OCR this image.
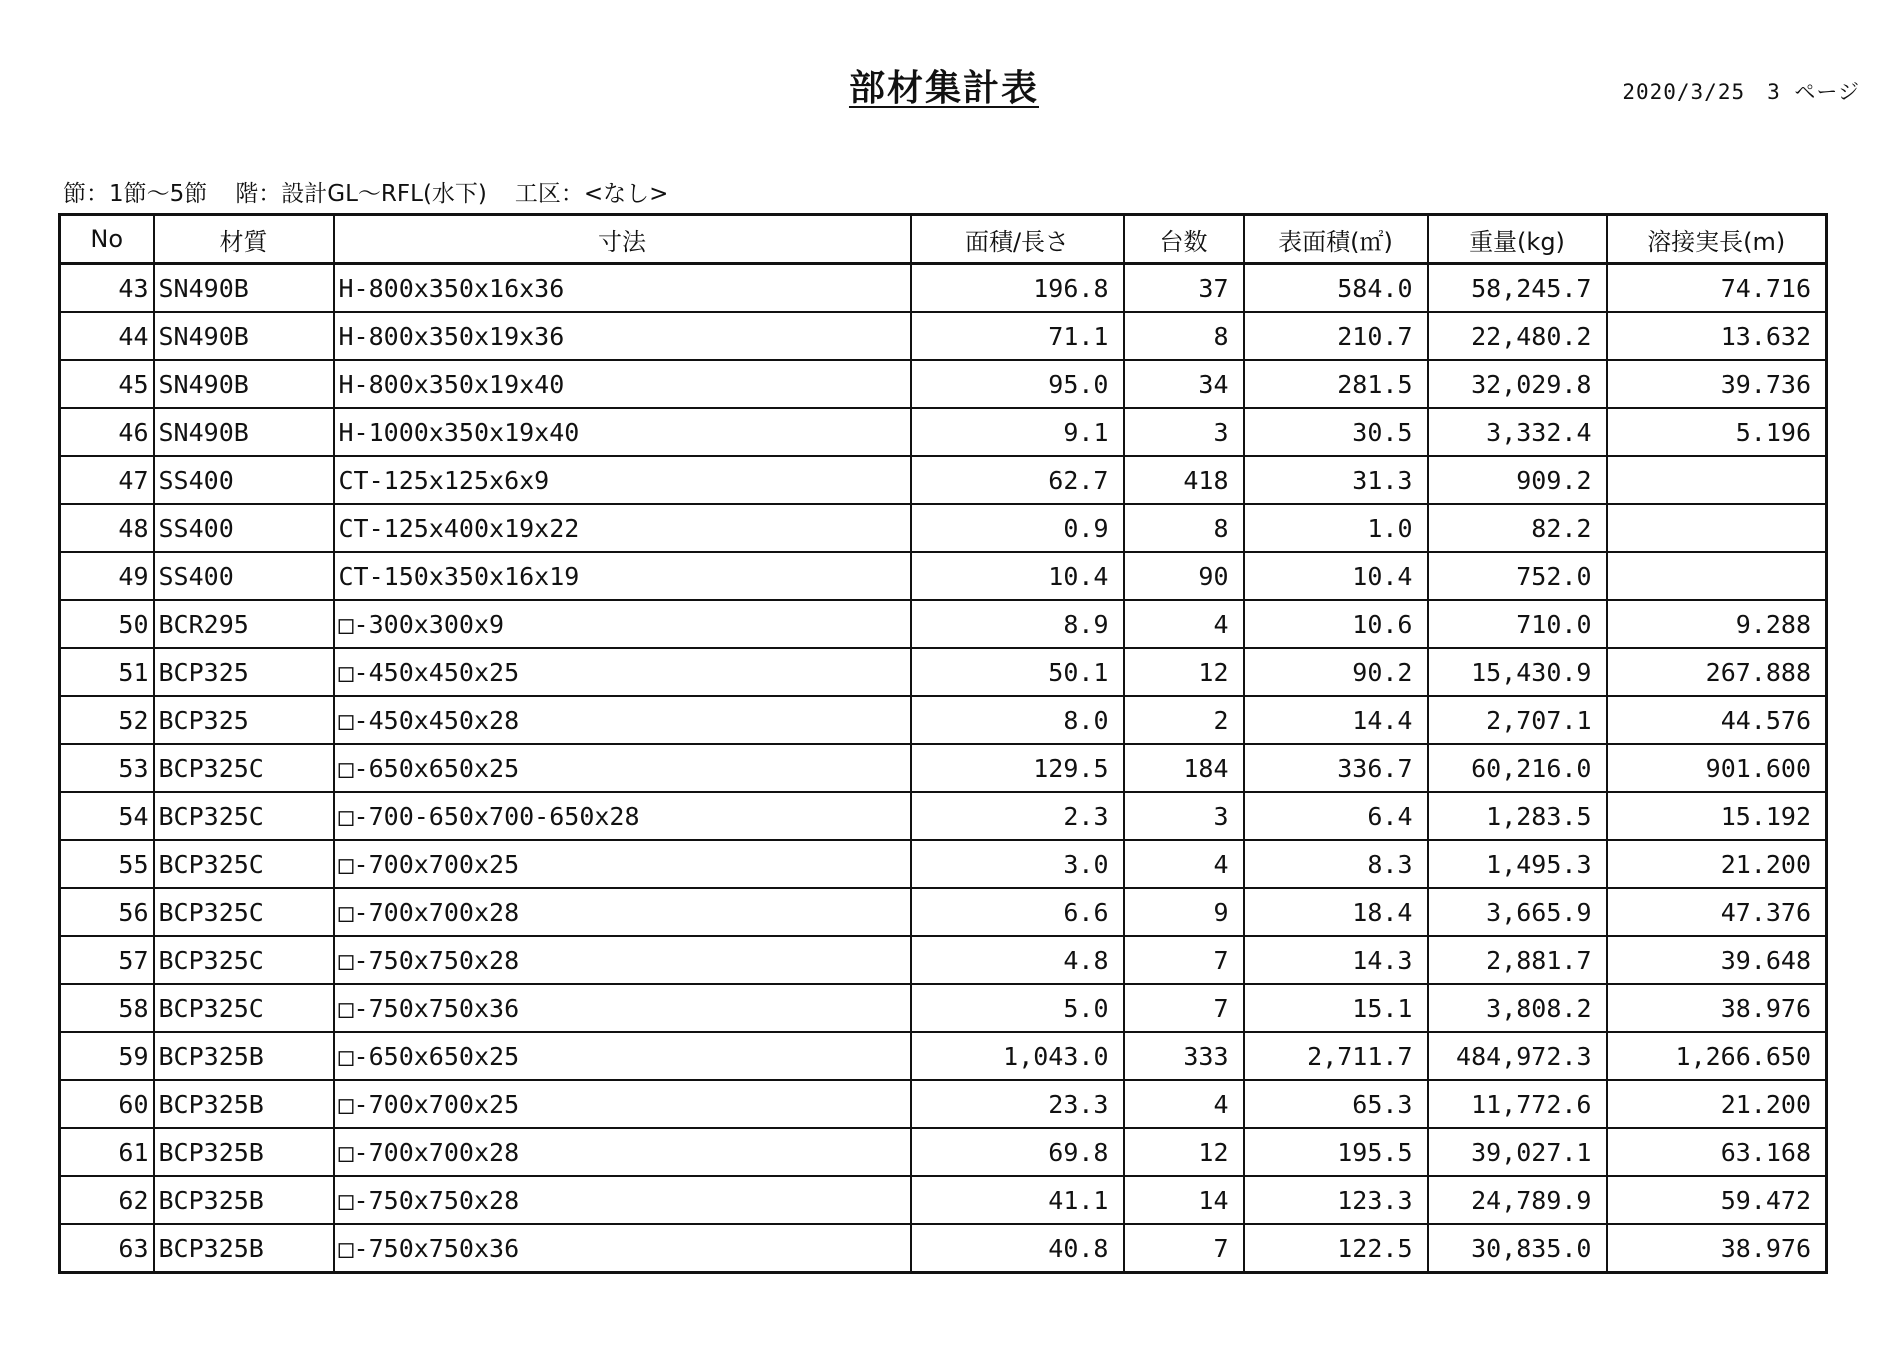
部材集計表	2020/3/25 3 ページ
節：1節～5節 階：設計GL～RFL(水下) 工区：<なし>
No	材質	寸法	面積/長さ	台数	表面積(㎡)	重量(kg)	溶接実長(m)
43	SN490B	H-800x350x16x36	196.8	37	584.0	58,245.7	74.716
44	SN490B	H-800x350x19x36	71.1	8	210.7	22,480.2	13.632
45	SN490B	H-800x350x19x40	95.0	34	281.5	32,029.8	39.736
46	SN490B	H-1000x350x19x40	9.1	3	30.5	3,332.4	5.196
47	SS400	CT-125x125x6x9	62.7	418	31.3	909.2	
48	SS400	CT-125x400x19x22	0.9	8	1.0	82.2	
49	SS400	CT-150x350x16x19	10.4	90	10.4	752.0	
50	BCR295	□-300x300x9	8.9	4	10.6	710.0	9.288
51	BCP325	□-450x450x25	50.1	12	90.2	15,430.9	267.888
52	BCP325	□-450x450x28	8.0	2	14.4	2,707.1	44.576
53	BCP325C	□-650x650x25	129.5	184	336.7	60,216.0	901.600
54	BCP325C	□-700-650x700-650x28	2.3	3	6.4	1,283.5	15.192
55	BCP325C	□-700x700x25	3.0	4	8.3	1,495.3	21.200
56	BCP325C	□-700x700x28	6.6	9	18.4	3,665.9	47.376
57	BCP325C	□-750x750x28	4.8	7	14.3	2,881.7	39.648
58	BCP325C	□-750x750x36	5.0	7	15.1	3,808.2	38.976
59	BCP325B	□-650x650x25	1,043.0	333	2,711.7	484,972.3	1,266.650
60	BCP325B	□-700x700x25	23.3	4	65.3	11,772.6	21.200
61	BCP325B	□-700x700x28	69.8	12	195.5	39,027.1	63.168
62	BCP325B	□-750x750x28	41.1	14	123.3	24,789.9	59.472
63	BCP325B	□-750x750x36	40.8	7	122.5	30,835.0	38.976
